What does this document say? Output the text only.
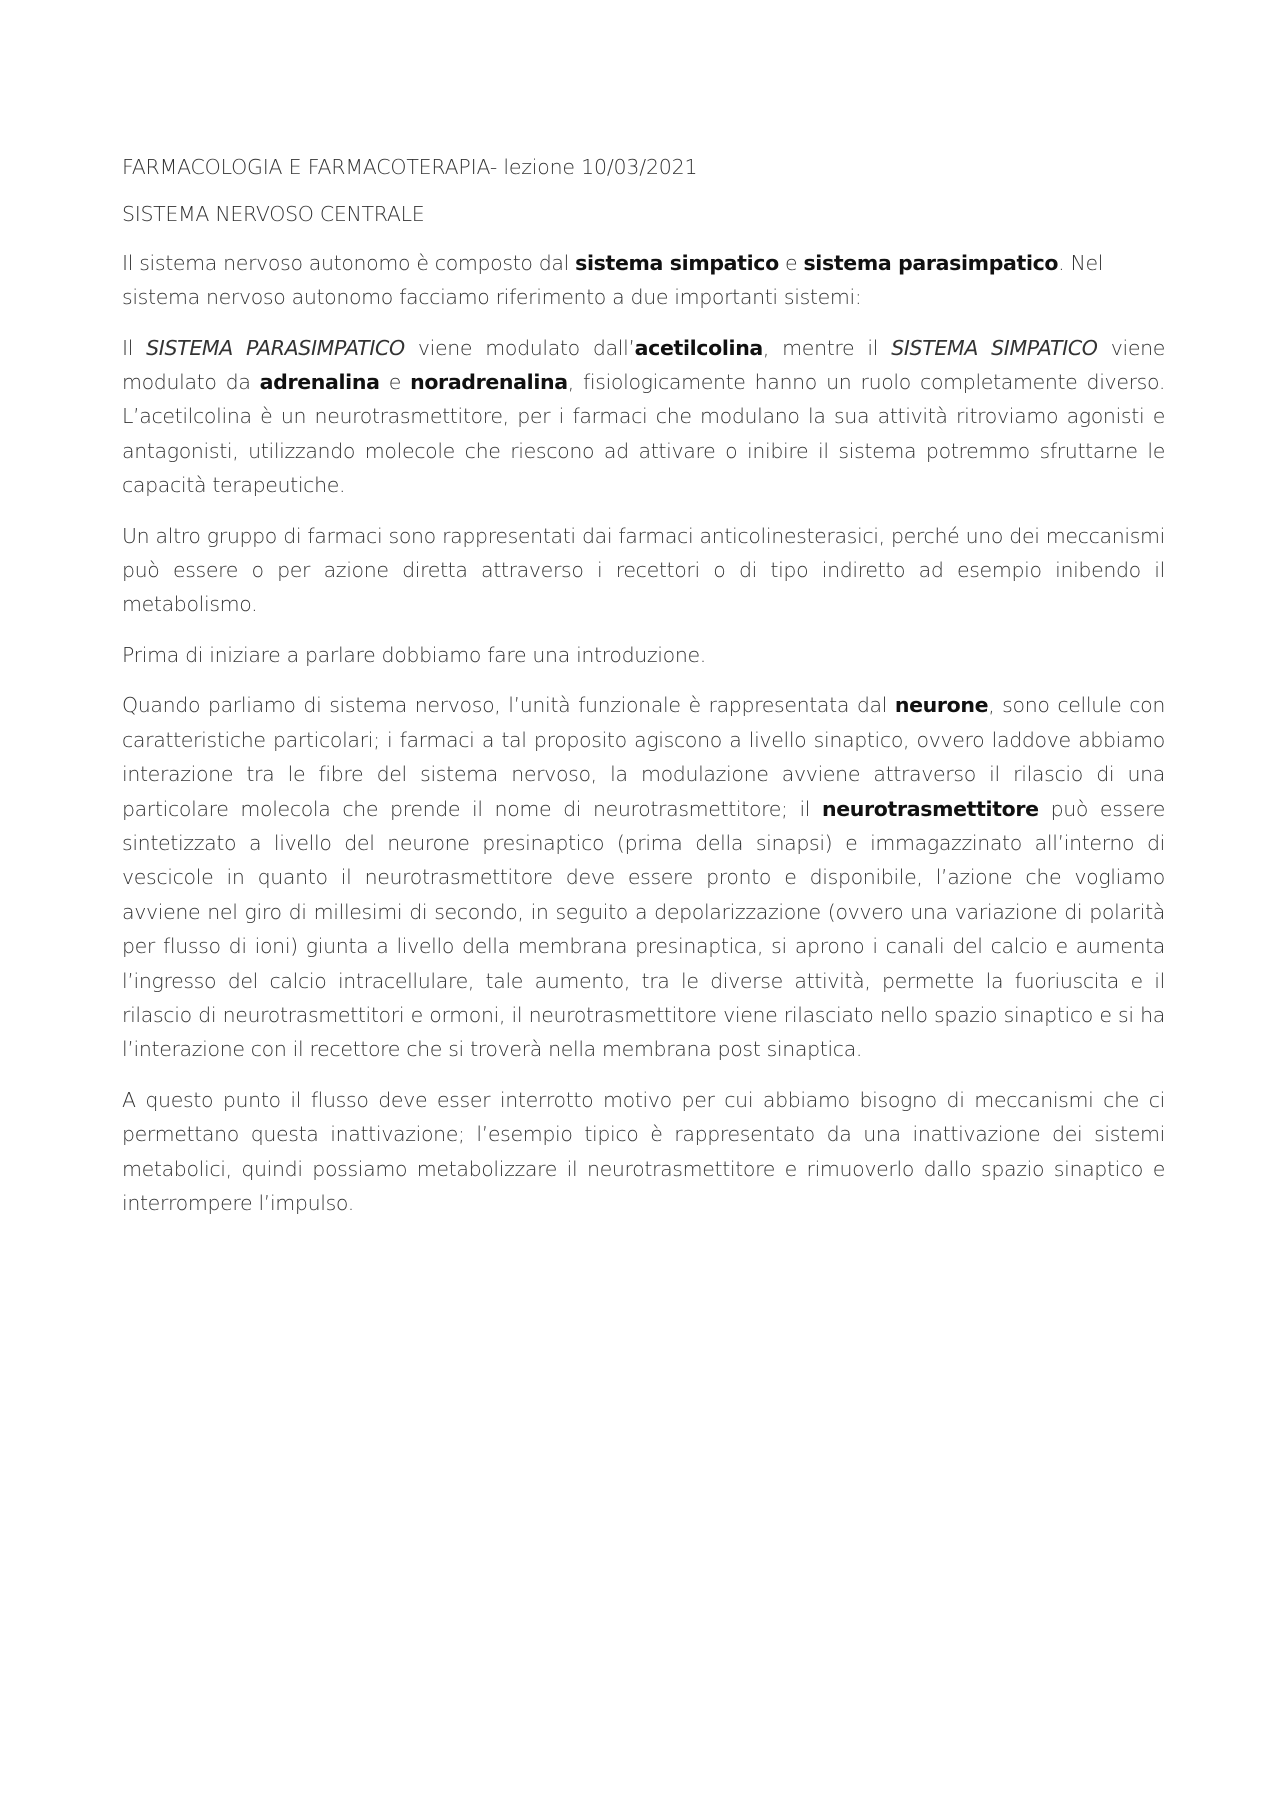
FARMACOLOGIA E FARMACOTERAPIA- lezione 10/03/2021
SISTEMA NERVOSO CENTRALE

Il sistema nervoso autonomo è composto dal sistema simpatico e sistema parasimpatico. Nel sistema nervoso autonomo facciamo riferimento a due importanti sistemi:

Il SISTEMA PARASIMPATICO viene modulato dall’acetilcolina, mentre il SISTEMA SIMPATICO viene modulato da adrenalina e noradrenalina, fisiologicamente hanno un ruolo completamente diverso. L’acetilcolina è un neurotrasmettitore, per i farmaci che modulano la sua attività ritroviamo agonisti e antagonisti, utilizzando molecole che riescono ad attivare o inibire il sistema potremmo sfruttarne le capacità terapeutiche.

Un altro gruppo di farmaci sono rappresentati dai farmaci anticolinesterasici, perché uno dei meccanismi può essere o per azione diretta attraverso i recettori o di tipo indiretto ad esempio inibendo il metabolismo.

Prima di iniziare a parlare dobbiamo fare una introduzione.

Quando parliamo di sistema nervoso, l’unità funzionale è rappresentata dal neurone, sono cellule con caratteristiche particolari; i farmaci a tal proposito agiscono a livello sinaptico, ovvero laddove abbiamo interazione tra le fibre del sistema nervoso, la modulazione avviene attraverso il rilascio di una particolare molecola che prende il nome di neurotrasmettitore; il neurotrasmettitore può essere sintetizzato a livello del neurone presinaptico (prima della sinapsi) e immagazzinato all’interno di vescicole in quanto il neurotrasmettitore deve essere pronto e disponibile, l’azione che vogliamo avviene nel giro di millesimi di secondo, in seguito a depolarizzazione (ovvero una variazione di polarità per flusso di ioni) giunta a livello della membrana presinaptica, si aprono i canali del calcio e aumenta l’ingresso del calcio intracellulare, tale aumento, tra le diverse attività, permette la fuoriuscita e il rilascio di neurotrasmettitori e ormoni, il neurotrasmettitore viene rilasciato nello spazio sinaptico e si ha l’interazione con il recettore che si troverà nella membrana post sinaptica.

A questo punto il flusso deve esser interrotto motivo per cui abbiamo bisogno di meccanismi che ci permettano questa inattivazione; l’esempio tipico è rappresentato da una inattivazione dei sistemi metabolici, quindi possiamo metabolizzare il neurotrasmettitore e rimuoverlo dallo spazio sinaptico e interrompere l’impulso.
